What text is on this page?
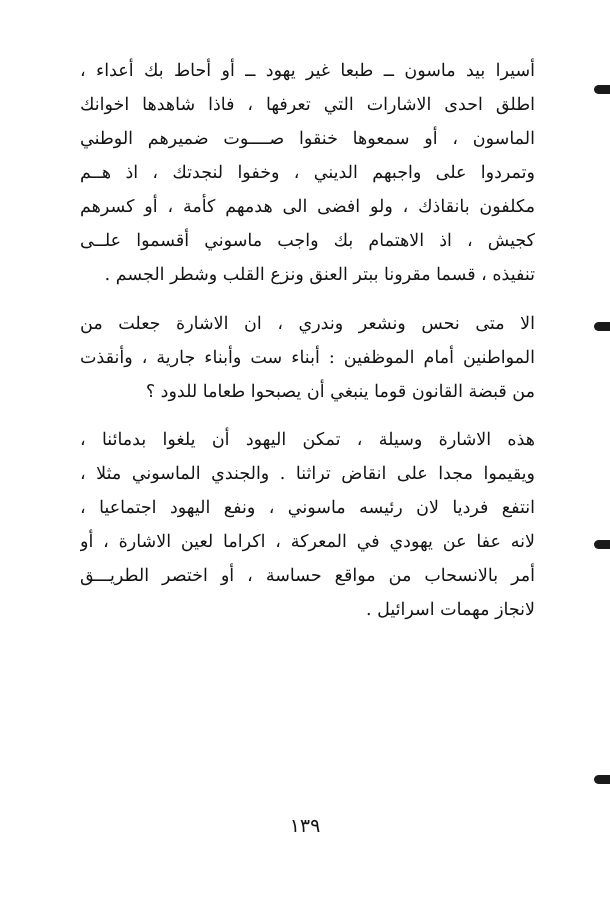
أسيرا بيد ماسون ــ طبعا غير يهود ــ أو أحاط بك أعداء ،
اطلق احدى الاشارات التي تعرفها ، فاذا شاهدها اخوانك
الماسون ، أو سمعوها خنقوا صــــوت ضميرهم الوطني
وتمردوا على واجبهم الديني ، وخفوا لنجدتك ، اذ هــم
مكلفون بانقاذك ، ولو افضى الى هدمهم كأمة ، أو كسرهم
كجيش ، اذ الاهتمام بك واجب ماسوني أقسموا علــى
تنفيذه ، قسما مقرونا ببتر العنق ونزع القلب وشطر الجسم .
الا متى نحس ونشعر وندري ، ان الاشارة جعلت من
المواطنين أمام الموظفين : أبناء ست وأبناء جارية ، وأنقذت
من قبضة القانون قوما ينبغي أن يصبحوا طعاما للدود ؟
هذه الاشارة وسيلة ، تمكن اليهود أن يلغوا بدمائنا ،
ويقيموا مجدا على انقاض تراثنا . والجندي الماسوني مثلا ،
انتفع فرديا لان رئيسه ماسوني ، ونفع اليهود اجتماعيا ،
لانه عفا عن يهودي في المعركة ، اكراما لعين الاشارة ، أو
أمر بالانسحاب من مواقع حساسة ، أو اختصر الطريـــق
لانجاز مهمات اسرائيل .
١٣٩
